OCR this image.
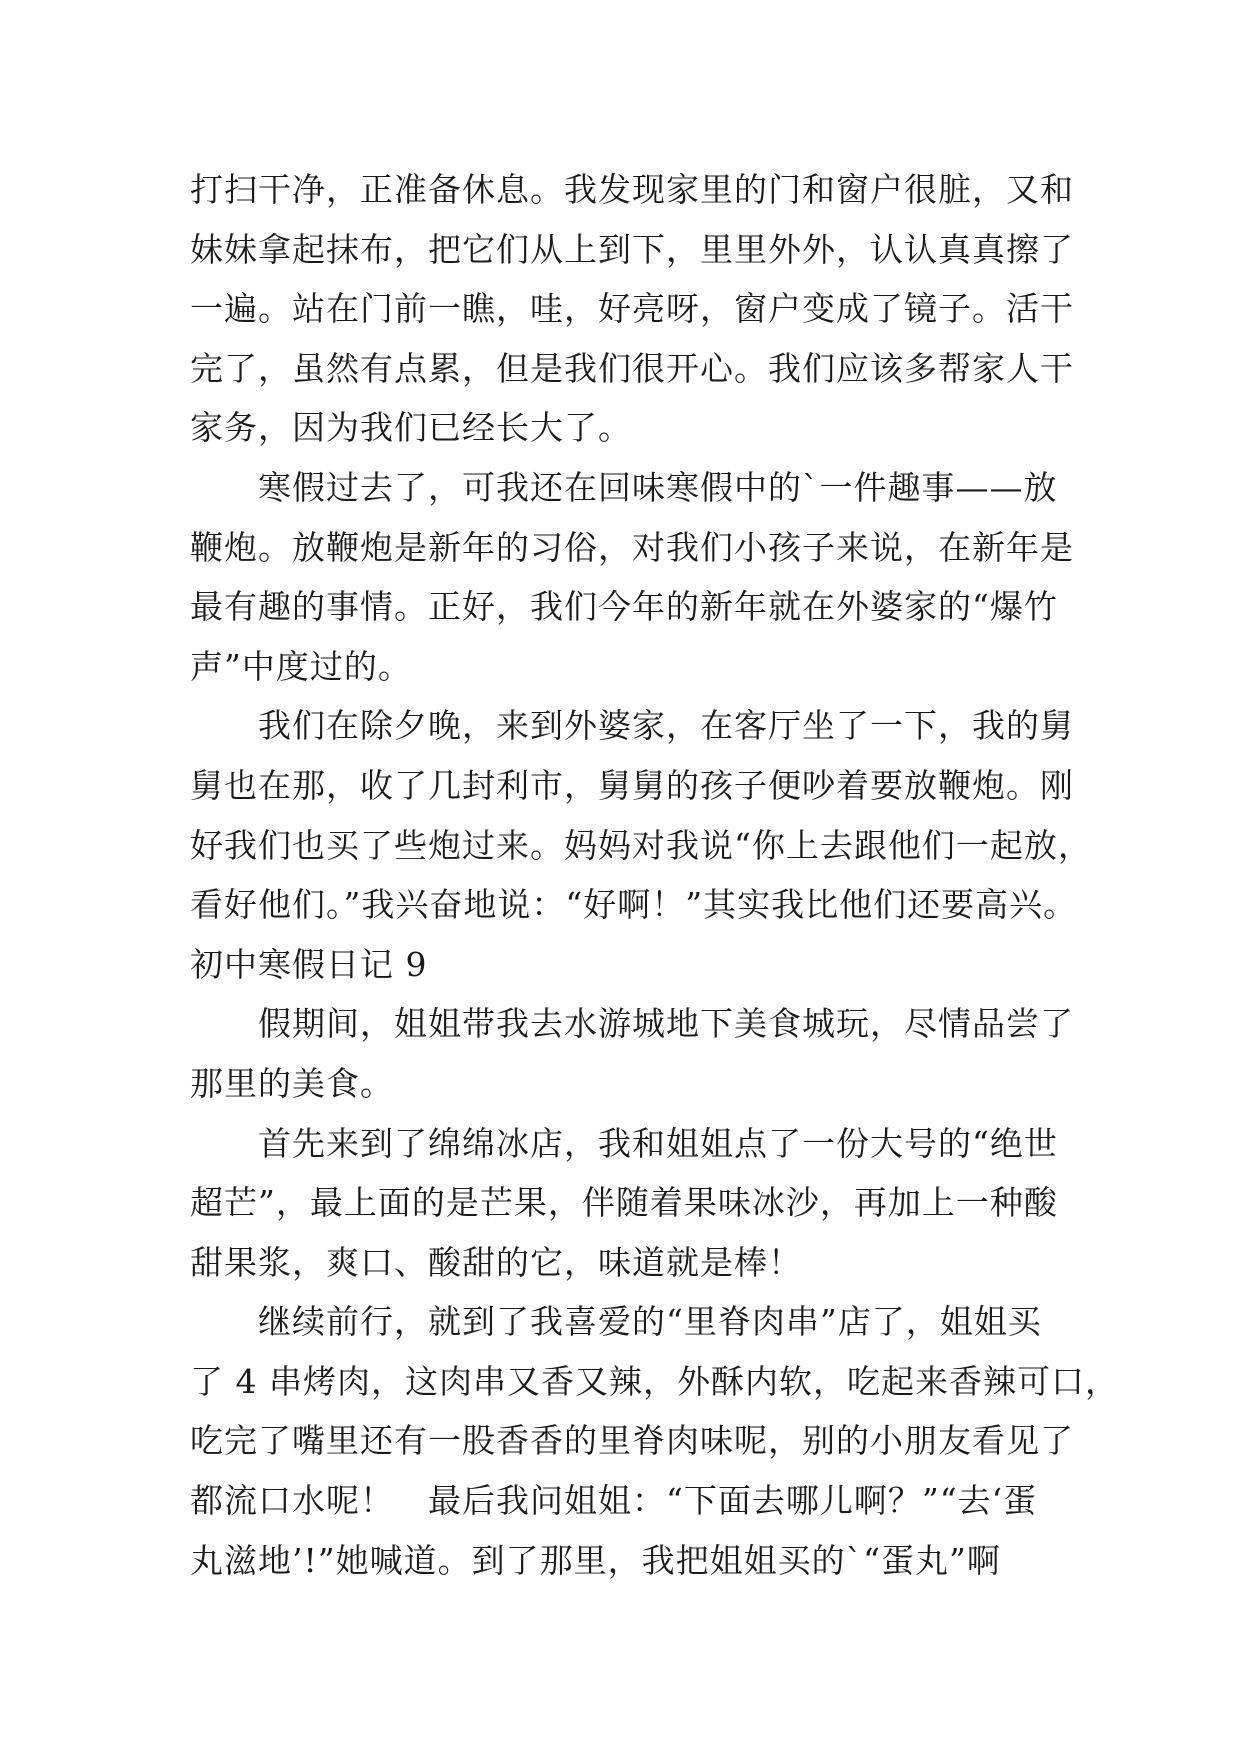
打扫干净，正准备休息。我发现家里的门和窗户很脏，又和
妹妹拿起抹布，把它们从上到下，里里外外，认认真真擦了
一遍。站在门前一瞧，哇，好亮呀，窗户变成了镜子。活干
完了，虽然有点累，但是我们很开心。我们应该多帮家人干
家务，因为我们已经长大了。
　　寒假过去了，可我还在回味寒假中的`一件趣事——放
鞭炮。放鞭炮是新年的习俗，对我们小孩子来说，在新年是
最有趣的事情。正好，我们今年的新年就在外婆家的“爆竹
声”中度过的。
　　我们在除夕晚，来到外婆家，在客厅坐了一下，我的舅
舅也在那，收了几封利市，舅舅的孩子便吵着要放鞭炮。刚
好我们也买了些炮过来。妈妈对我说“你上去跟他们一起放，
看好他们。”我兴奋地说：“好啊！”其实我比他们还要高兴。
初中寒假日记 9
　　假期间，姐姐带我去水游城地下美食城玩，尽情品尝了
那里的美食。
　　首先来到了绵绵冰店，我和姐姐点了一份大号的“绝世
超芒”，最上面的是芒果，伴随着果味冰沙，再加上一种酸
甜果浆，爽口、酸甜的它，味道就是棒！
　　继续前行，就到了我喜爱的“里脊肉串”店了，姐姐买
了 4 串烤肉，这肉串又香又辣，外酥内软，吃起来香辣可口，
吃完了嘴里还有一股香香的里脊肉味呢，别的小朋友看见了
都流口水呢！　最后我问姐姐：“下面去哪儿啊？”“去‘蛋
丸滋地’!”她喊道。到了那里，我把姐姐买的`“蛋丸”啊
